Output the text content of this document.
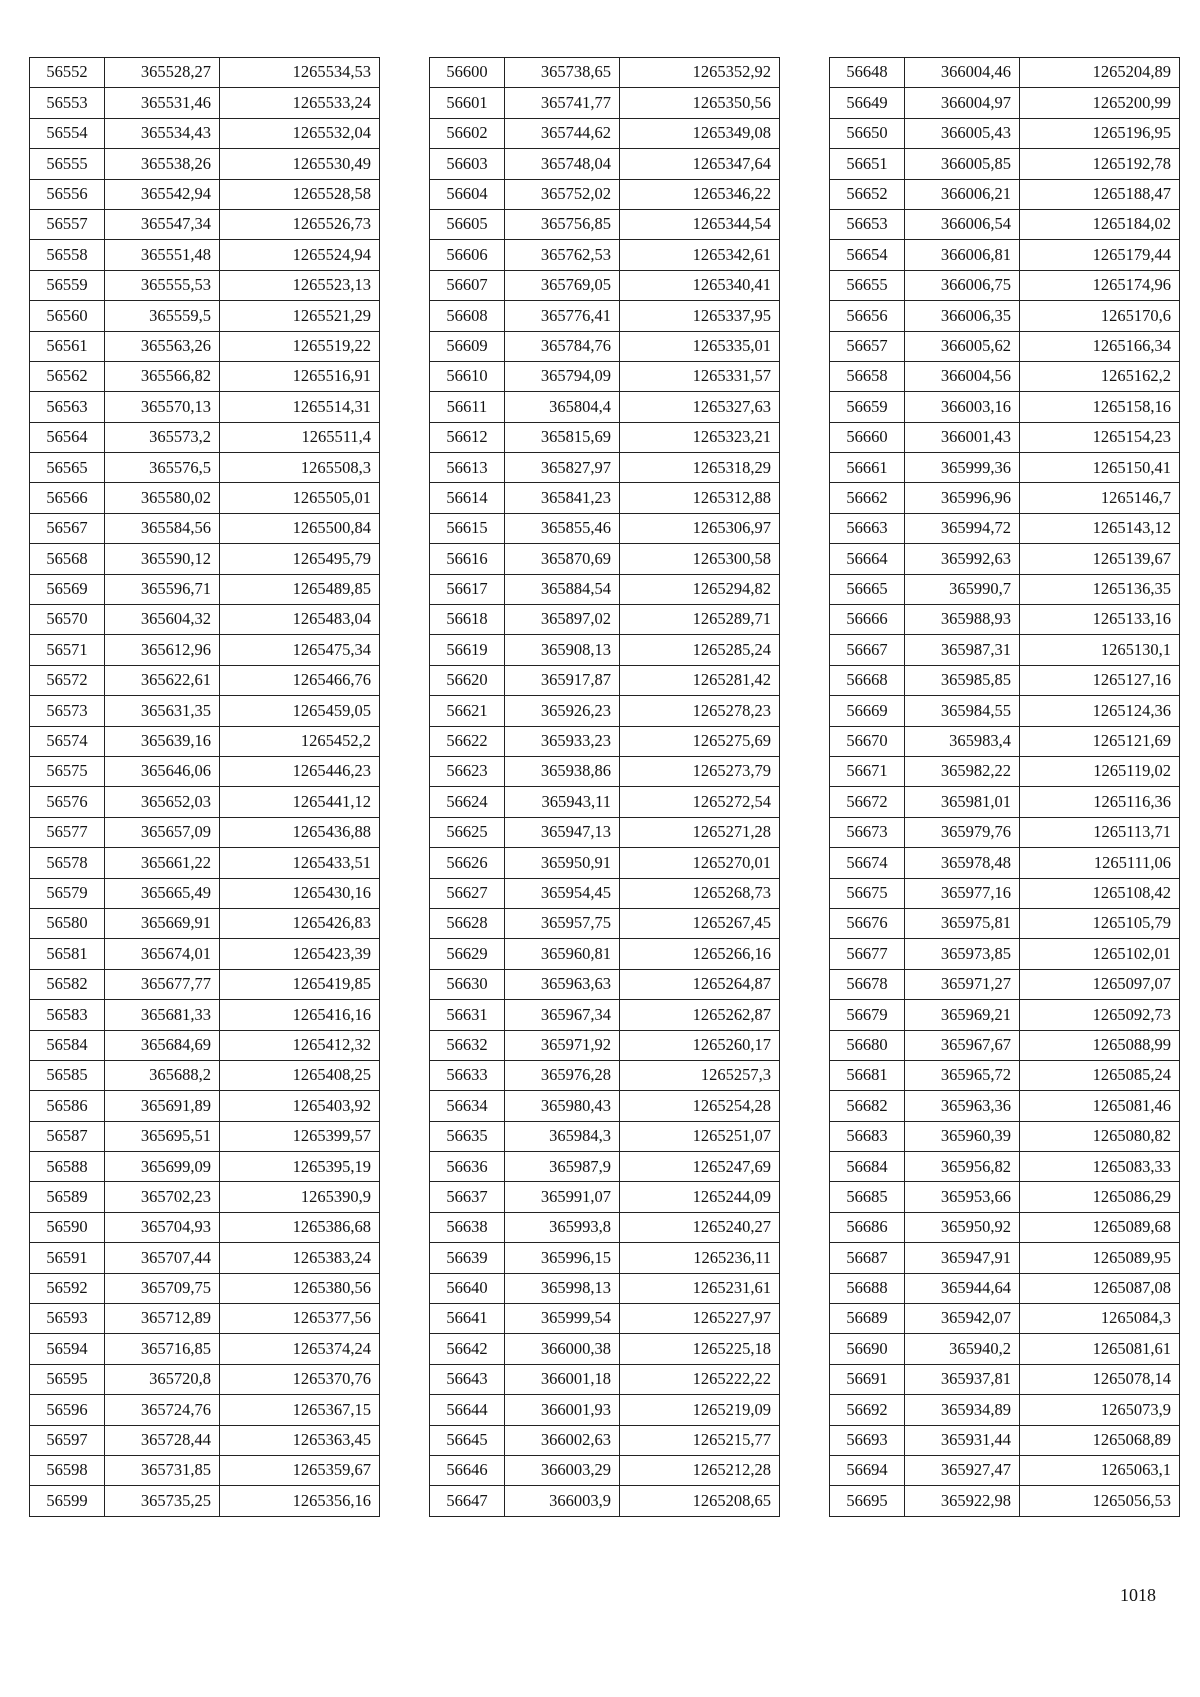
56552	365528,27	1265534,53
56553	365531,46	1265533,24
56554	365534,43	1265532,04
56555	365538,26	1265530,49
56556	365542,94	1265528,58
56557	365547,34	1265526,73
56558	365551,48	1265524,94
56559	365555,53	1265523,13
56560	365559,5	1265521,29
56561	365563,26	1265519,22
56562	365566,82	1265516,91
56563	365570,13	1265514,31
56564	365573,2	1265511,4
56565	365576,5	1265508,3
56566	365580,02	1265505,01
56567	365584,56	1265500,84
56568	365590,12	1265495,79
56569	365596,71	1265489,85
56570	365604,32	1265483,04
56571	365612,96	1265475,34
56572	365622,61	1265466,76
56573	365631,35	1265459,05
56574	365639,16	1265452,2
56575	365646,06	1265446,23
56576	365652,03	1265441,12
56577	365657,09	1265436,88
56578	365661,22	1265433,51
56579	365665,49	1265430,16
56580	365669,91	1265426,83
56581	365674,01	1265423,39
56582	365677,77	1265419,85
56583	365681,33	1265416,16
56584	365684,69	1265412,32
56585	365688,2	1265408,25
56586	365691,89	1265403,92
56587	365695,51	1265399,57
56588	365699,09	1265395,19
56589	365702,23	1265390,9
56590	365704,93	1265386,68
56591	365707,44	1265383,24
56592	365709,75	1265380,56
56593	365712,89	1265377,56
56594	365716,85	1265374,24
56595	365720,8	1265370,76
56596	365724,76	1265367,15
56597	365728,44	1265363,45
56598	365731,85	1265359,67
56599	365735,25	1265356,16
56600	365738,65	1265352,92
56601	365741,77	1265350,56
56602	365744,62	1265349,08
56603	365748,04	1265347,64
56604	365752,02	1265346,22
56605	365756,85	1265344,54
56606	365762,53	1265342,61
56607	365769,05	1265340,41
56608	365776,41	1265337,95
56609	365784,76	1265335,01
56610	365794,09	1265331,57
56611	365804,4	1265327,63
56612	365815,69	1265323,21
56613	365827,97	1265318,29
56614	365841,23	1265312,88
56615	365855,46	1265306,97
56616	365870,69	1265300,58
56617	365884,54	1265294,82
56618	365897,02	1265289,71
56619	365908,13	1265285,24
56620	365917,87	1265281,42
56621	365926,23	1265278,23
56622	365933,23	1265275,69
56623	365938,86	1265273,79
56624	365943,11	1265272,54
56625	365947,13	1265271,28
56626	365950,91	1265270,01
56627	365954,45	1265268,73
56628	365957,75	1265267,45
56629	365960,81	1265266,16
56630	365963,63	1265264,87
56631	365967,34	1265262,87
56632	365971,92	1265260,17
56633	365976,28	1265257,3
56634	365980,43	1265254,28
56635	365984,3	1265251,07
56636	365987,9	1265247,69
56637	365991,07	1265244,09
56638	365993,8	1265240,27
56639	365996,15	1265236,11
56640	365998,13	1265231,61
56641	365999,54	1265227,97
56642	366000,38	1265225,18
56643	366001,18	1265222,22
56644	366001,93	1265219,09
56645	366002,63	1265215,77
56646	366003,29	1265212,28
56647	366003,9	1265208,65
56648	366004,46	1265204,89
56649	366004,97	1265200,99
56650	366005,43	1265196,95
56651	366005,85	1265192,78
56652	366006,21	1265188,47
56653	366006,54	1265184,02
56654	366006,81	1265179,44
56655	366006,75	1265174,96
56656	366006,35	1265170,6
56657	366005,62	1265166,34
56658	366004,56	1265162,2
56659	366003,16	1265158,16
56660	366001,43	1265154,23
56661	365999,36	1265150,41
56662	365996,96	1265146,7
56663	365994,72	1265143,12
56664	365992,63	1265139,67
56665	365990,7	1265136,35
56666	365988,93	1265133,16
56667	365987,31	1265130,1
56668	365985,85	1265127,16
56669	365984,55	1265124,36
56670	365983,4	1265121,69
56671	365982,22	1265119,02
56672	365981,01	1265116,36
56673	365979,76	1265113,71
56674	365978,48	1265111,06
56675	365977,16	1265108,42
56676	365975,81	1265105,79
56677	365973,85	1265102,01
56678	365971,27	1265097,07
56679	365969,21	1265092,73
56680	365967,67	1265088,99
56681	365965,72	1265085,24
56682	365963,36	1265081,46
56683	365960,39	1265080,82
56684	365956,82	1265083,33
56685	365953,66	1265086,29
56686	365950,92	1265089,68
56687	365947,91	1265089,95
56688	365944,64	1265087,08
56689	365942,07	1265084,3
56690	365940,2	1265081,61
56691	365937,81	1265078,14
56692	365934,89	1265073,9
56693	365931,44	1265068,89
56694	365927,47	1265063,1
56695	365922,98	1265056,53
1018
